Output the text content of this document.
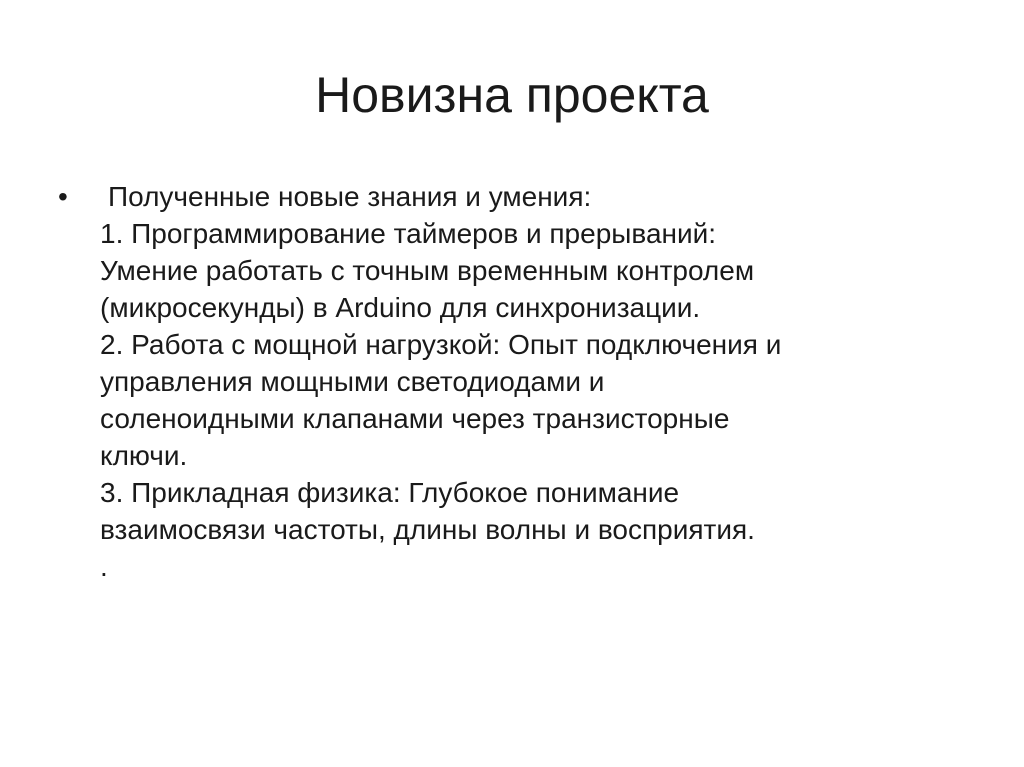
Новизна проекта
•	Полученные новые знания и умения:
1. Программирование таймеров и прерываний:
Умение работать с точным временным контролем
(микросекунды) в Arduino для синхронизации.
2. Работа с мощной нагрузкой: Опыт подключения и
управления мощными светодиодами и
соленоидными клапанами через транзисторные
ключи.
3. Прикладная физика: Глубокое понимание
взаимосвязи частоты, длины волны и восприятия.
.
